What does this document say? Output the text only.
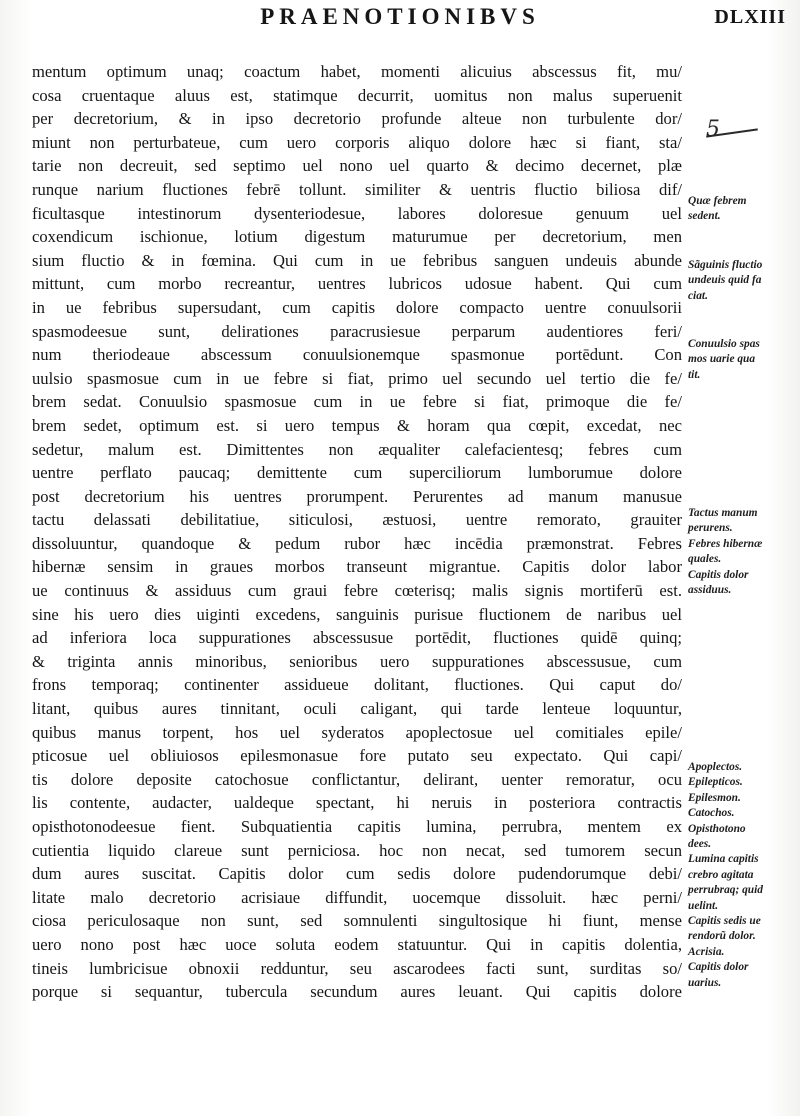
PRAENOTIONIBVS	DLXIII
5
mentum optimum unaq; coactum habet, momenti alicuius abscessus fit, mu/
cosa cruentaque aluus est, statimque decurrit, uomitus non malus superuenit
per decretorium, & in ipso decretorio profunde alteue non turbulente dor/
miunt non perturbateue, cum uero corporis aliquo dolore hæc si fiant, sta/
tarie non decreuit, sed septimo uel nono uel quarto & decimo decernet, plæ
runque narium fluctiones febrē tollunt. similiter & uentris fluctio biliosa dif/
ficultasque intestinorum dysenteriodesue, labores doloresue genuum uel
coxendicum ischionue, lotium digestum maturumue per decretorium, men
sium fluctio & in fœmina. Qui cum in ue febribus sanguen undeuis abunde
mittunt, cum morbo recreantur, uentres lubricos udosue habent. Qui cum
in ue febribus supersudant, cum capitis dolore compacto uentre conuulsorii
spasmodeesue sunt, delirationes paracrusiesue perparum audentiores feri/
num theriodeaue abscessum conuulsionemque spasmonue portēdunt. Con
uulsio spasmosue cum in ue febre si fiat, primo uel secundo uel tertio die fe/
brem sedat. Conuulsio spasmosue cum in ue febre si fiat, primoque die fe/
brem sedet, optimum est. si uero tempus & horam qua cœpit, excedat, nec
sedetur, malum est. Dimittentes non æqualiter calefacientesq; febres cum
uentre perflato paucaq; demittente cum superciliorum lumborumue dolore
post decretorium his uentres prorumpent. Perurentes ad manum manusue
tactu delassati debilitatiue, siticulosi, æstuosi, uentre remorato, grauiter
dissoluuntur, quandoque & pedum rubor hæc incēdia præmonstrat. Febres
hibernæ sensim in graues morbos transeunt migrantue. Capitis dolor labor
ue continuus & assiduus cum graui febre cœterisq; malis signis mortiferū est.
sine his uero dies uiginti excedens, sanguinis purisue fluctionem de naribus uel
ad inferiora loca suppurationes abscessusue portēdit, fluctiones quidē quinq;
& triginta annis minoribus, senioribus uero suppurationes abscessusue, cum
frons temporaq; continenter assidueue dolitant, fluctiones. Qui caput do/
litant, quibus aures tinnitant, oculi caligant, qui tarde lenteue loquuntur,
quibus manus torpent, hos uel syderatos apoplectosue uel comitiales epile/
pticosue uel obliuiosos epilesmonasue fore putato seu expectato. Qui capi/
tis dolore deposite catochosue conflictantur, delirant, uenter remoratur, ocu
lis contente, audacter, ualdeque spectant, hi neruis in posteriora contractis
opisthotonodeesue fient. Subquatientia capitis lumina, perrubra, mentem ex
cutientia liquido clareue sunt perniciosa. hoc non necat, sed tumorem secun
dum aures suscitat. Capitis dolor cum sedis dolore pudendorumque debi/
litate malo decretorio acrisiaue diffundit, uocemque dissoluit. hæc perni/
ciosa periculosaque non sunt, sed somnulenti singultosique hi fiunt, mense
uero nono post hæc uoce soluta eodem statuuntur. Qui in capitis dolentia,
tineis lumbricisue obnoxii redduntur, seu ascarodees facti sunt, surditas so/
porque si sequantur, tubercula secundum aures leuant. Qui capitis dolore
Quæ febrem
sedent.
Sãguinis fluctio
undeuis quid fa
ciat.
Conuulsio spas
mos uarie qua
tit.
Tactus manum
perurens.
Febres hibernæ
quales.
Capitis dolor
assiduus.
Apoplectos.
Epilepticos.
Epilesmon.
Catochos.
Opisthotono
dees.
Lumina capitis
crebro agitata
perrubraq; quid
uelint.
Capitis sedis ue
rendorũ dolor.
Acrisia.
Capitis dolor
uarius.
